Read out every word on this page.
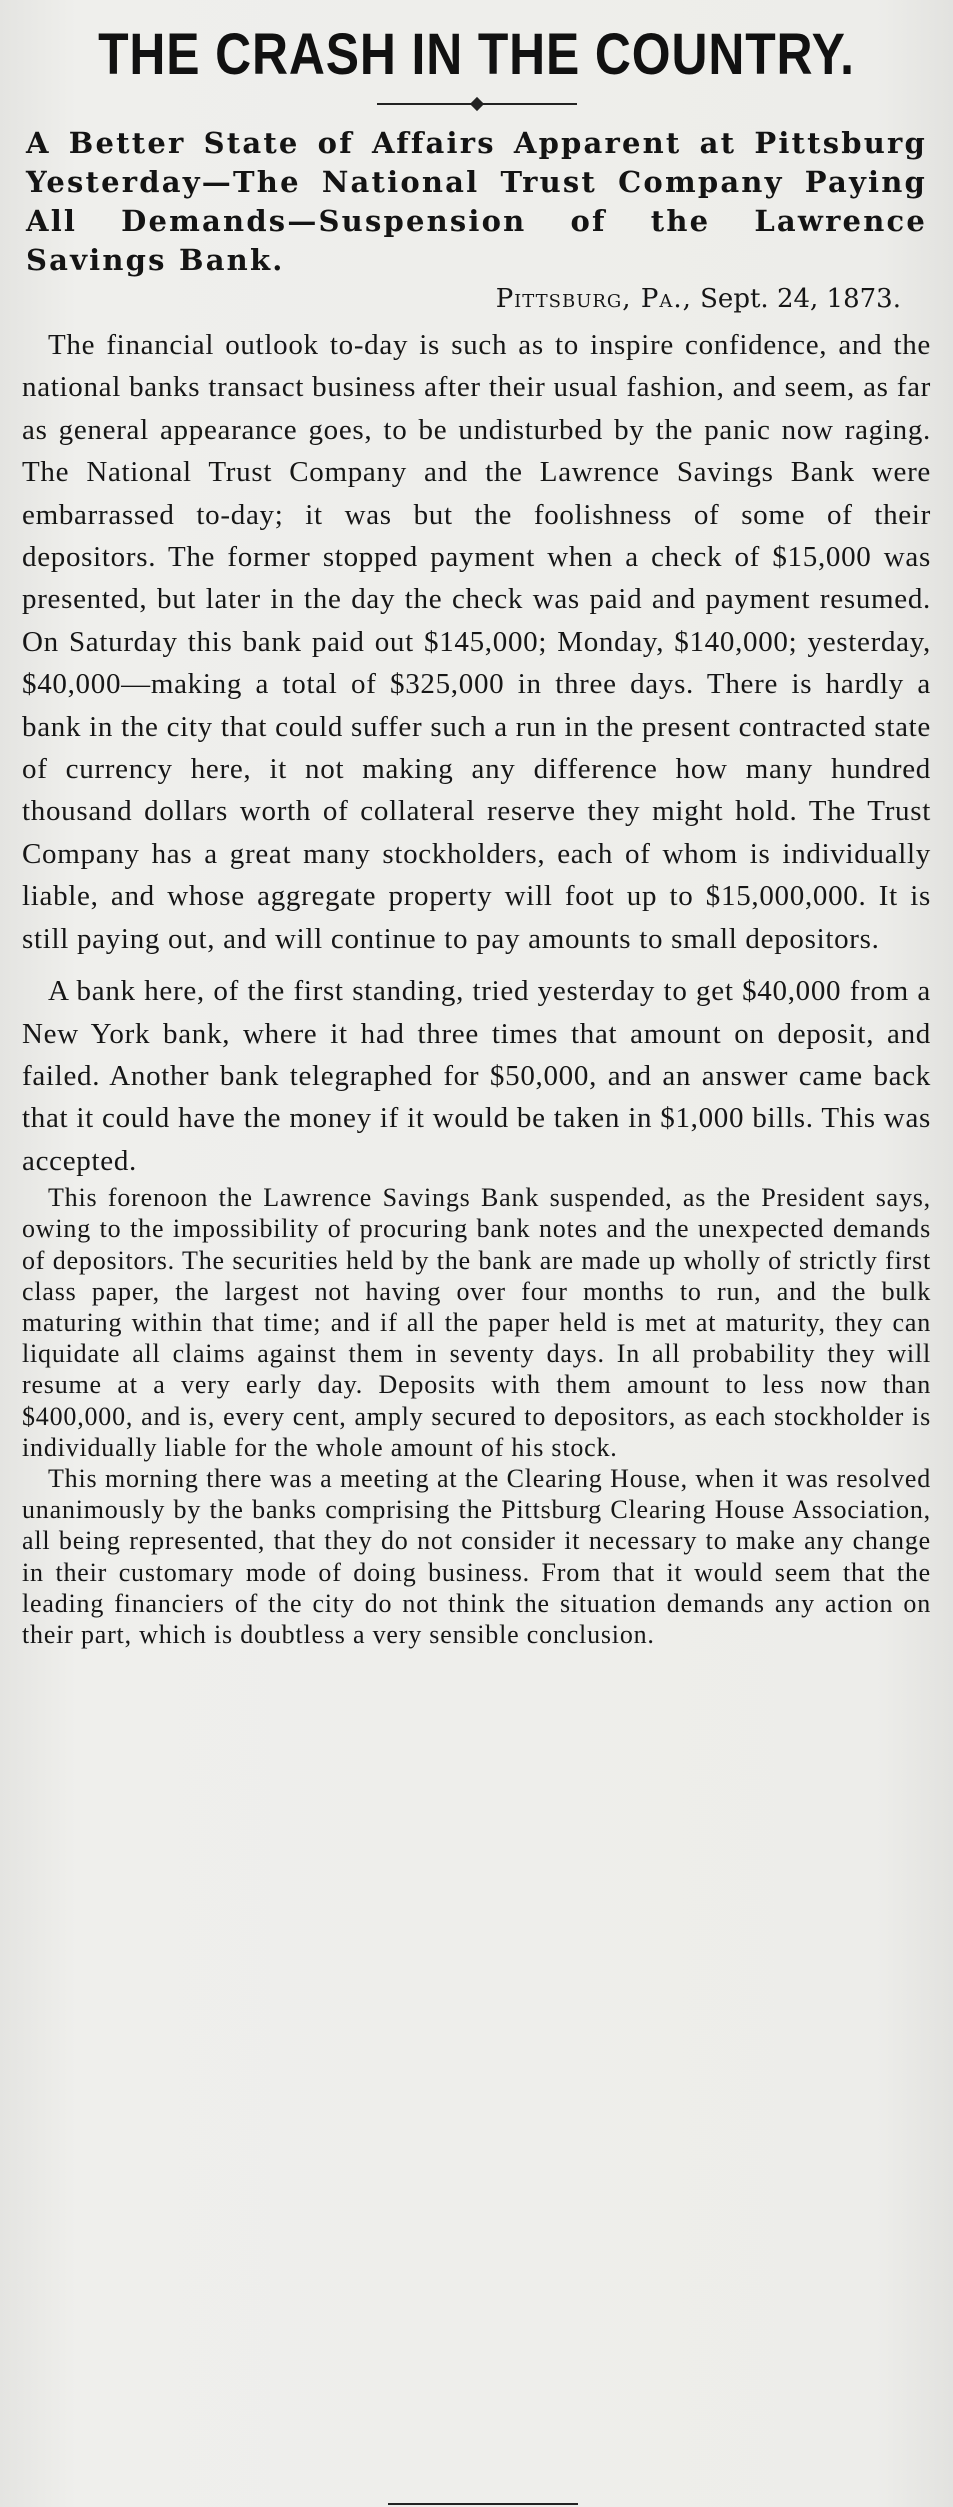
THE CRASH IN THE COUNTRY.
A Better State of Affairs Apparent at Pittsburg Yesterday—The National Trust Company Paying All Demands—Suspension of the Lawrence Savings Bank.
Pittsburg, Pa., Sept. 24, 1873.

The financial outlook to-day is such as to inspire confidence, and the national banks transact business after their usual fashion, and seem, as far as general appearance goes, to be undisturbed by the panic now raging. The National Trust Company and the Lawrence Savings Bank were embarrassed to-day; it was but the foolishness of some of their depositors. The former stopped payment when a check of $15,000 was presented, but later in the day the check was paid and payment resumed. On Saturday this bank paid out $145,000; Monday, $140,000; yesterday, $40,000—making a total of $325,000 in three days. There is hardly a bank in the city that could suffer such a run in the present contracted state of currency here, it not making any difference how many hundred thousand dollars worth of collateral reserve they might hold. The Trust Company has a great many stockholders, each of whom is individually liable, and whose aggregate property will foot up to $15,000,000. It is still paying out, and will continue to pay amounts to small depositors.

A bank here, of the first standing, tried yesterday to get $40,000 from a New York bank, where it had three times that amount on deposit, and failed. Another bank telegraphed for $50,000, and an answer came back that it could have the money if it would be taken in $1,000 bills. This was accepted.

This forenoon the Lawrence Savings Bank suspended, as the President says, owing to the impossibility of procuring bank notes and the unexpected demands of depositors. The securities held by the bank are made up wholly of strictly first class paper, the largest not having over four months to run, and the bulk maturing within that time; and if all the paper held is met at maturity, they can liquidate all claims against them in seventy days. In all probability they will resume at a very early day. Deposits with them amount to less now than $400,000, and is, every cent, amply secured to depositors, as each stockholder is individually liable for the whole amount of his stock.

This morning there was a meeting at the Clearing House, when it was resolved unanimously by the banks comprising the Pittsburg Clearing House Association, all being represented, that they do not consider it necessary to make any change in their customary mode of doing business. From that it would seem that the leading financiers of the city do not think the situation demands any action on their part, which is doubtless a very sensible conclusion.
